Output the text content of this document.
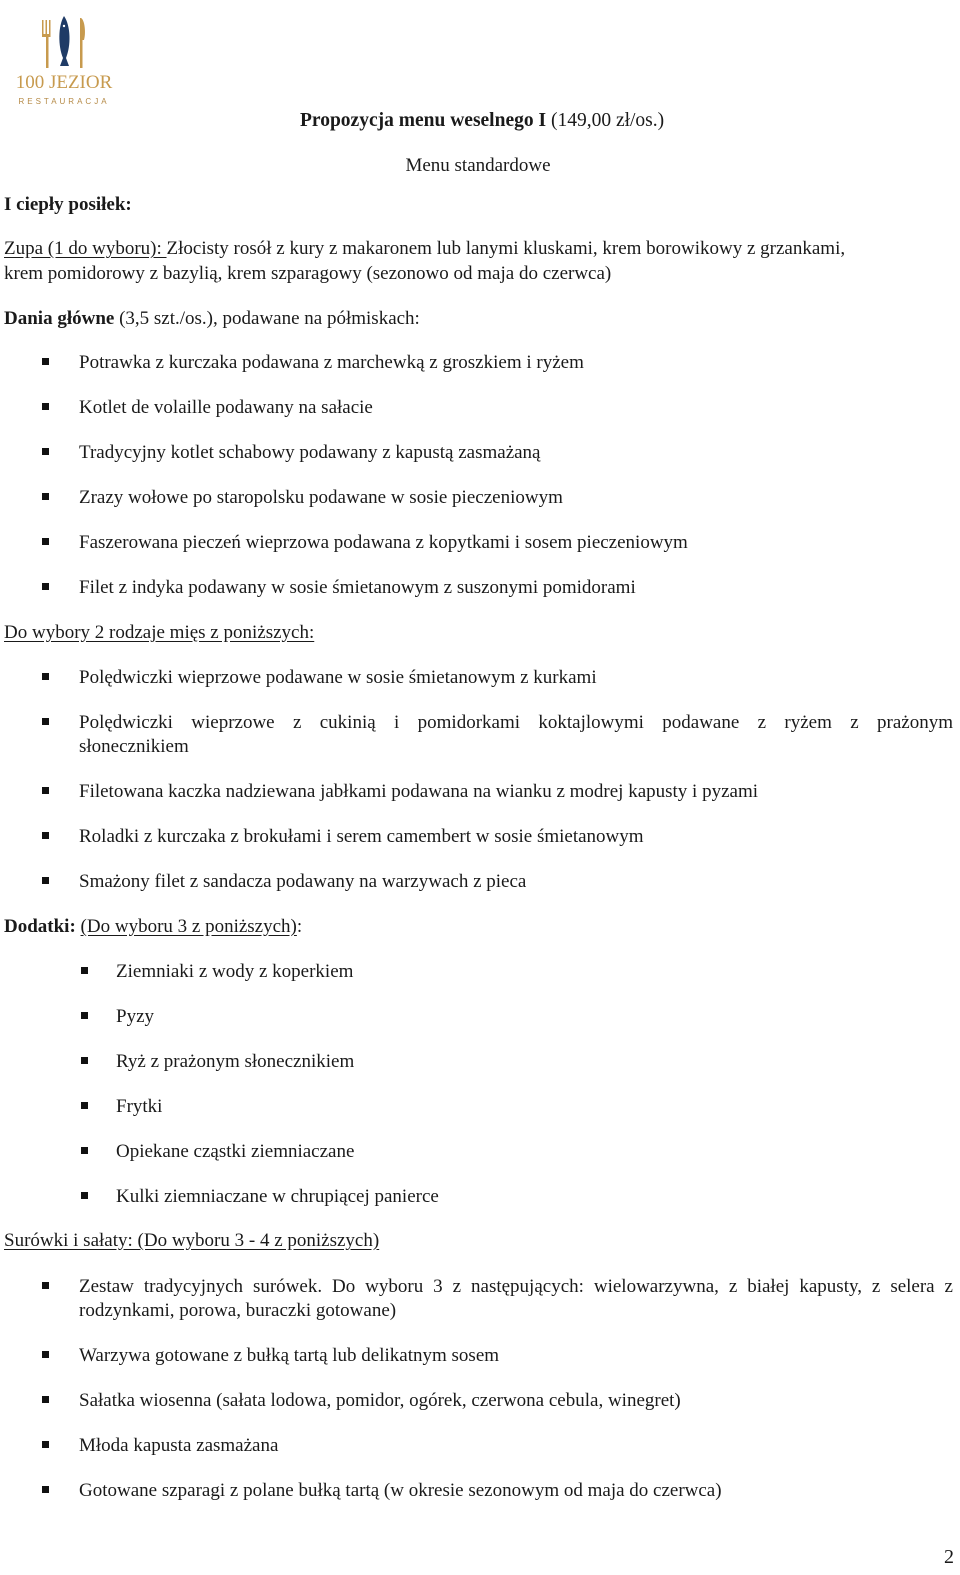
100 JEZIOR
RESTAURACJA
Propozycja menu weselnego I (149,00 zł/os.)
Menu standardowe
I ciepły posiłek:
Zupa (1 do wyboru): Złocisty rosół z kury z makaronem lub lanymi kluskami, krem borowikowy z grzankami,
krem pomidorowy z bazylią, krem szparagowy (sezonowo od maja do czerwca)
Dania główne (3,5 szt./os.), podawane na półmiskach:
Potrawka z kurczaka podawana z marchewką z groszkiem i ryżem
Kotlet de volaille podawany na sałacie
Tradycyjny kotlet schabowy podawany z kapustą zasmażaną
Zrazy wołowe po staropolsku podawane w sosie pieczeniowym
Faszerowana pieczeń wieprzowa podawana z kopytkami i sosem pieczeniowym
Filet z indyka podawany w sosie śmietanowym z suszonymi pomidorami
Do wybory 2 rodzaje mięs z poniższych:
Polędwiczki wieprzowe podawane w sosie śmietanowym z kurkami
Polędwiczki wieprzowe z cukinią i pomidorkami koktajlowymi podawane z ryżem z prażonym słonecznikiem
Filetowana kaczka nadziewana jabłkami podawana na wianku z modrej kapusty i pyzami
Roladki z kurczaka z brokułami i serem camembert w sosie śmietanowym
Smażony filet z sandacza podawany na warzywach z pieca
Dodatki: (Do wyboru 3 z poniższych):
Ziemniaki z wody z koperkiem
Pyzy
Ryż z prażonym słonecznikiem
Frytki
Opiekane cząstki ziemniaczane
Kulki ziemniaczane w chrupiącej panierce
Surówki i sałaty: (Do wyboru 3 - 4 z poniższych)
Zestaw tradycyjnych surówek. Do wyboru 3 z następujących: wielowarzywna, z białej kapusty, z selera z rodzynkami, porowa, buraczki gotowane)
Warzywa gotowane z bułką tartą lub delikatnym sosem
Sałatka wiosenna (sałata lodowa, pomidor, ogórek, czerwona cebula, winegret)
Młoda kapusta zasmażana
Gotowane szparagi z polane bułką tartą (w okresie sezonowym od maja do czerwca)
2
